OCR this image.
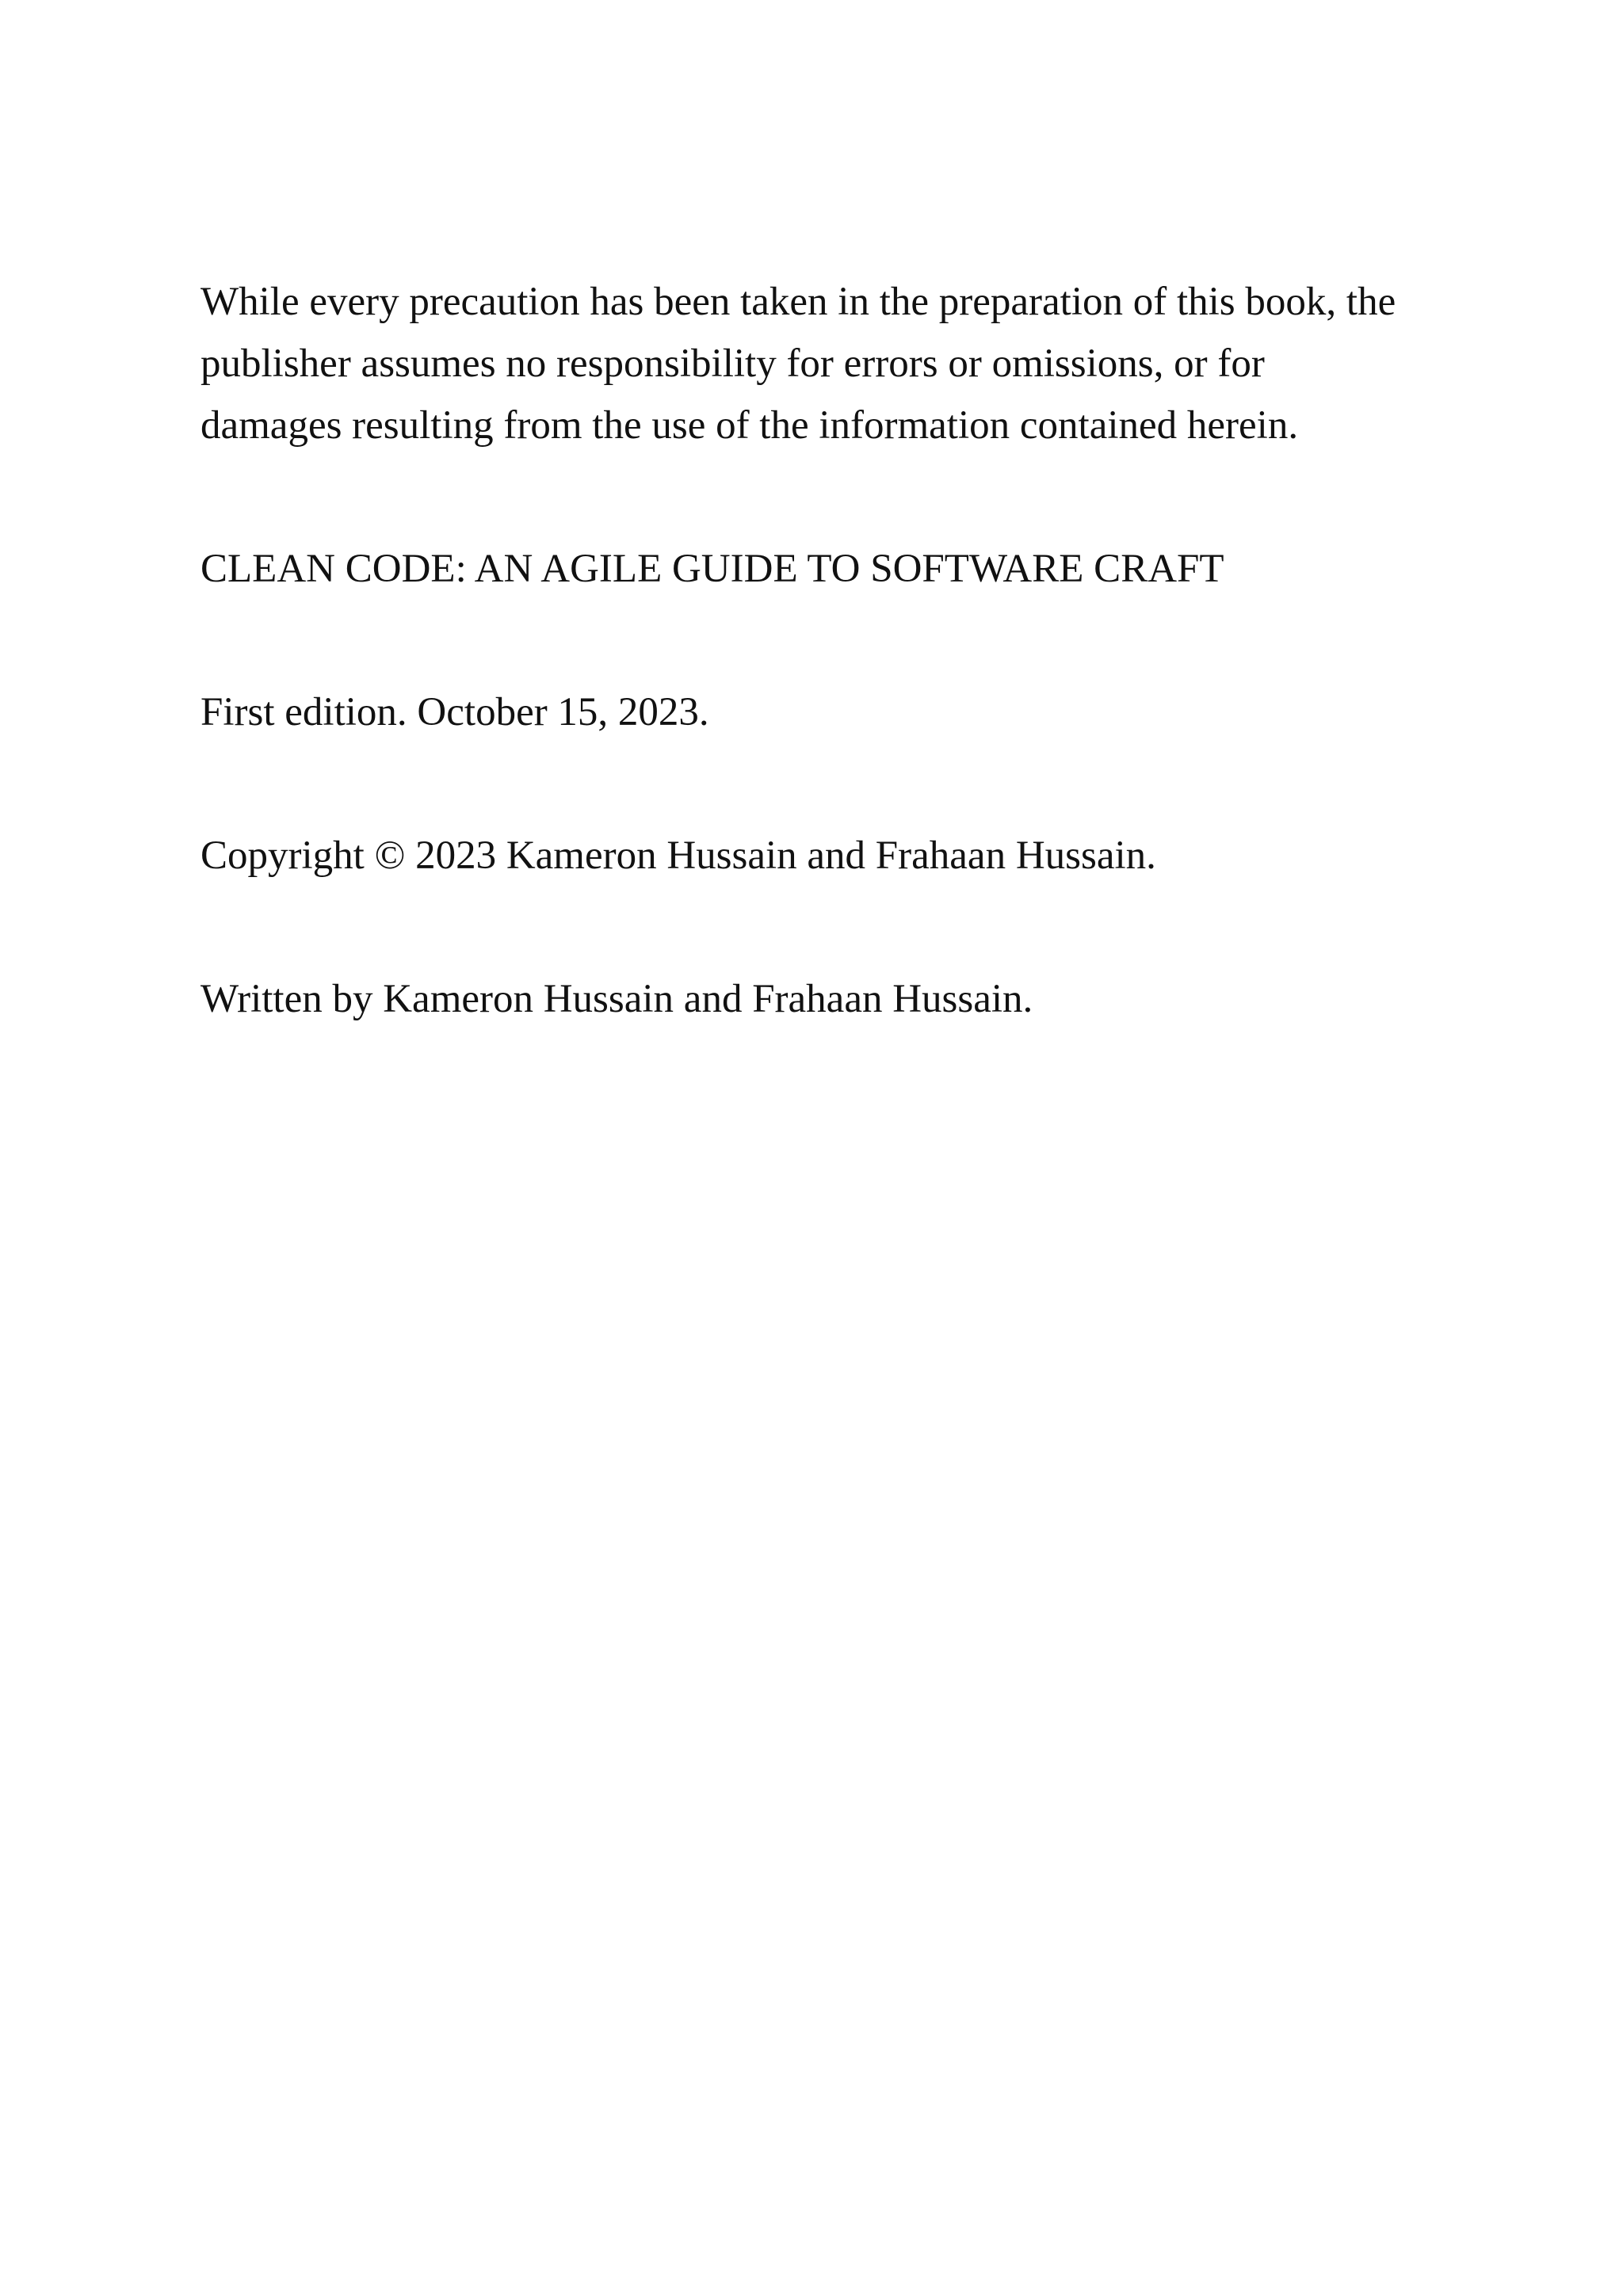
While every precaution has been taken in the preparation of this book, the
publisher assumes no responsibility for errors or omissions, or for
damages resulting from the use of the information contained herein.

CLEAN CODE: AN AGILE GUIDE TO SOFTWARE CRAFT

First edition. October 15, 2023.

Copyright © 2023 Kameron Hussain and Frahaan Hussain.

Written by Kameron Hussain and Frahaan Hussain.
